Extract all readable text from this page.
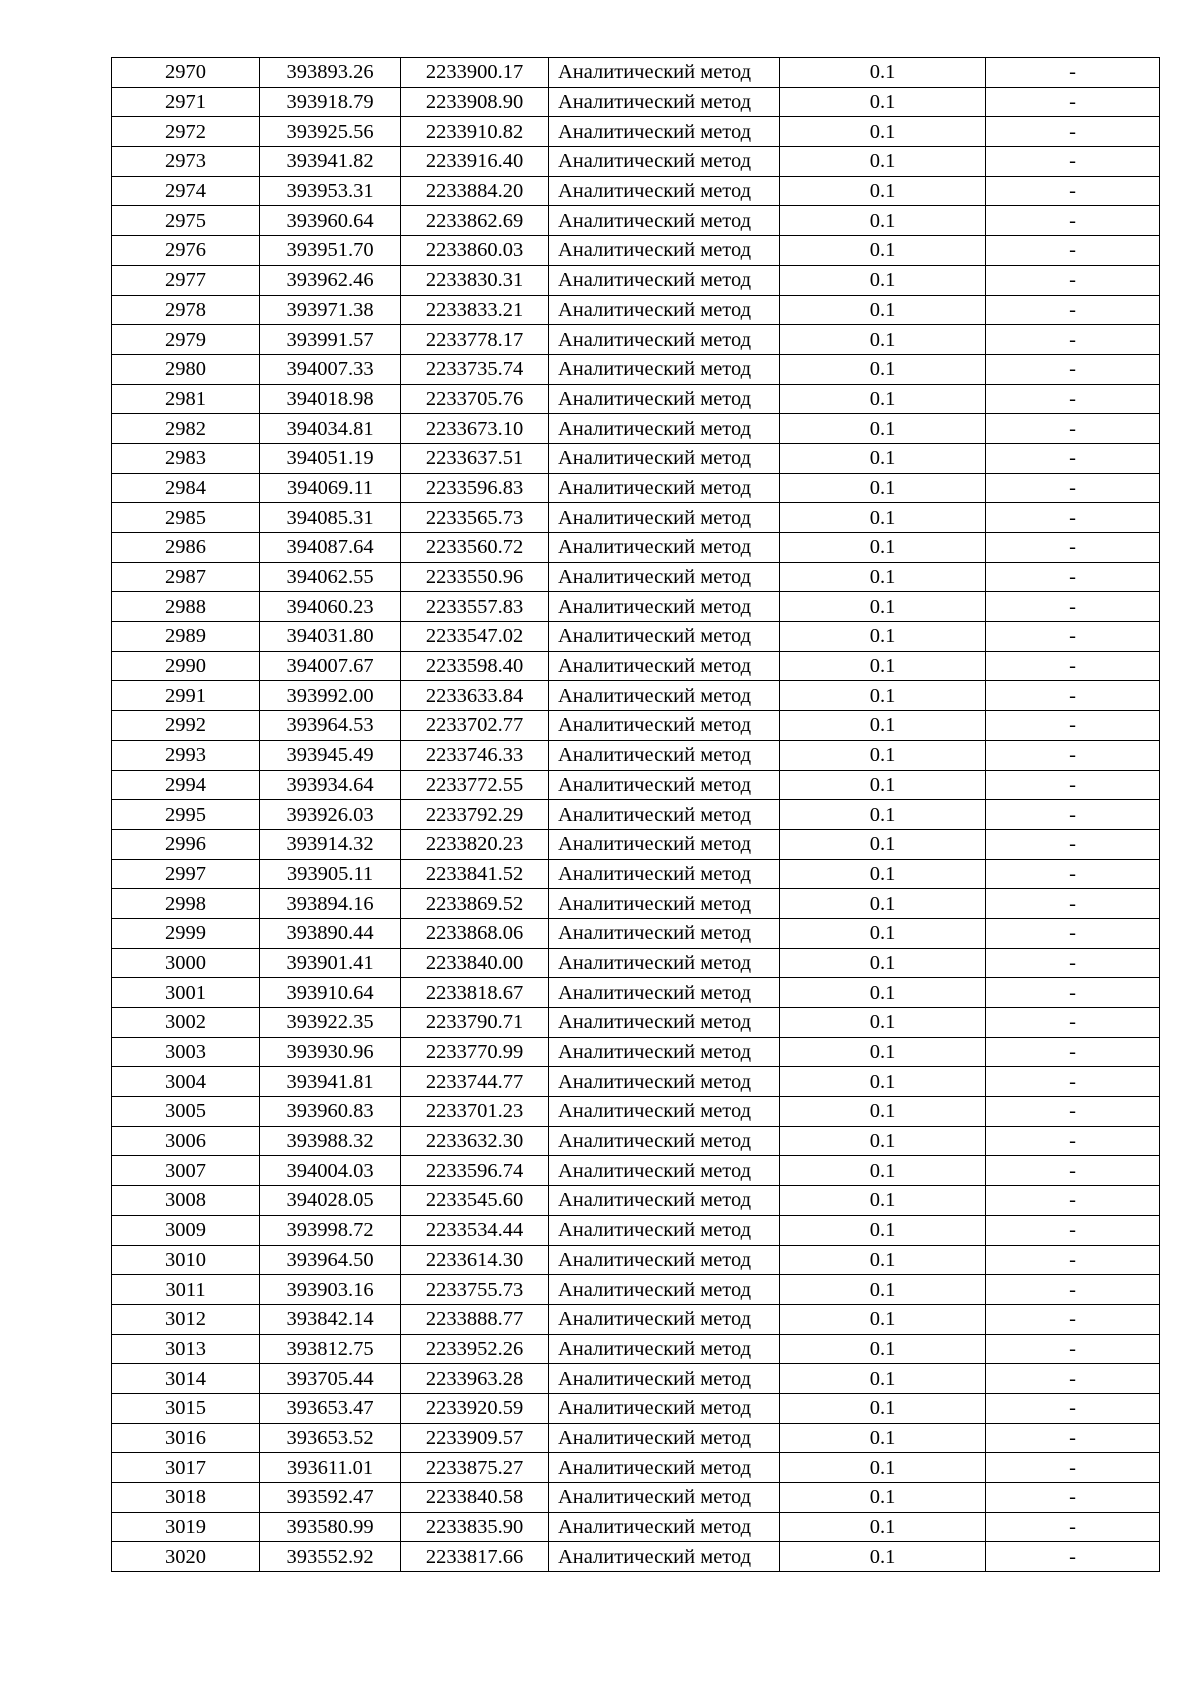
2970	393893.26	2233900.17	Аналитический метод	0.1	-
2971	393918.79	2233908.90	Аналитический метод	0.1	-
2972	393925.56	2233910.82	Аналитический метод	0.1	-
2973	393941.82	2233916.40	Аналитический метод	0.1	-
2974	393953.31	2233884.20	Аналитический метод	0.1	-
2975	393960.64	2233862.69	Аналитический метод	0.1	-
2976	393951.70	2233860.03	Аналитический метод	0.1	-
2977	393962.46	2233830.31	Аналитический метод	0.1	-
2978	393971.38	2233833.21	Аналитический метод	0.1	-
2979	393991.57	2233778.17	Аналитический метод	0.1	-
2980	394007.33	2233735.74	Аналитический метод	0.1	-
2981	394018.98	2233705.76	Аналитический метод	0.1	-
2982	394034.81	2233673.10	Аналитический метод	0.1	-
2983	394051.19	2233637.51	Аналитический метод	0.1	-
2984	394069.11	2233596.83	Аналитический метод	0.1	-
2985	394085.31	2233565.73	Аналитический метод	0.1	-
2986	394087.64	2233560.72	Аналитический метод	0.1	-
2987	394062.55	2233550.96	Аналитический метод	0.1	-
2988	394060.23	2233557.83	Аналитический метод	0.1	-
2989	394031.80	2233547.02	Аналитический метод	0.1	-
2990	394007.67	2233598.40	Аналитический метод	0.1	-
2991	393992.00	2233633.84	Аналитический метод	0.1	-
2992	393964.53	2233702.77	Аналитический метод	0.1	-
2993	393945.49	2233746.33	Аналитический метод	0.1	-
2994	393934.64	2233772.55	Аналитический метод	0.1	-
2995	393926.03	2233792.29	Аналитический метод	0.1	-
2996	393914.32	2233820.23	Аналитический метод	0.1	-
2997	393905.11	2233841.52	Аналитический метод	0.1	-
2998	393894.16	2233869.52	Аналитический метод	0.1	-
2999	393890.44	2233868.06	Аналитический метод	0.1	-
3000	393901.41	2233840.00	Аналитический метод	0.1	-
3001	393910.64	2233818.67	Аналитический метод	0.1	-
3002	393922.35	2233790.71	Аналитический метод	0.1	-
3003	393930.96	2233770.99	Аналитический метод	0.1	-
3004	393941.81	2233744.77	Аналитический метод	0.1	-
3005	393960.83	2233701.23	Аналитический метод	0.1	-
3006	393988.32	2233632.30	Аналитический метод	0.1	-
3007	394004.03	2233596.74	Аналитический метод	0.1	-
3008	394028.05	2233545.60	Аналитический метод	0.1	-
3009	393998.72	2233534.44	Аналитический метод	0.1	-
3010	393964.50	2233614.30	Аналитический метод	0.1	-
3011	393903.16	2233755.73	Аналитический метод	0.1	-
3012	393842.14	2233888.77	Аналитический метод	0.1	-
3013	393812.75	2233952.26	Аналитический метод	0.1	-
3014	393705.44	2233963.28	Аналитический метод	0.1	-
3015	393653.47	2233920.59	Аналитический метод	0.1	-
3016	393653.52	2233909.57	Аналитический метод	0.1	-
3017	393611.01	2233875.27	Аналитический метод	0.1	-
3018	393592.47	2233840.58	Аналитический метод	0.1	-
3019	393580.99	2233835.90	Аналитический метод	0.1	-
3020	393552.92	2233817.66	Аналитический метод	0.1	-
